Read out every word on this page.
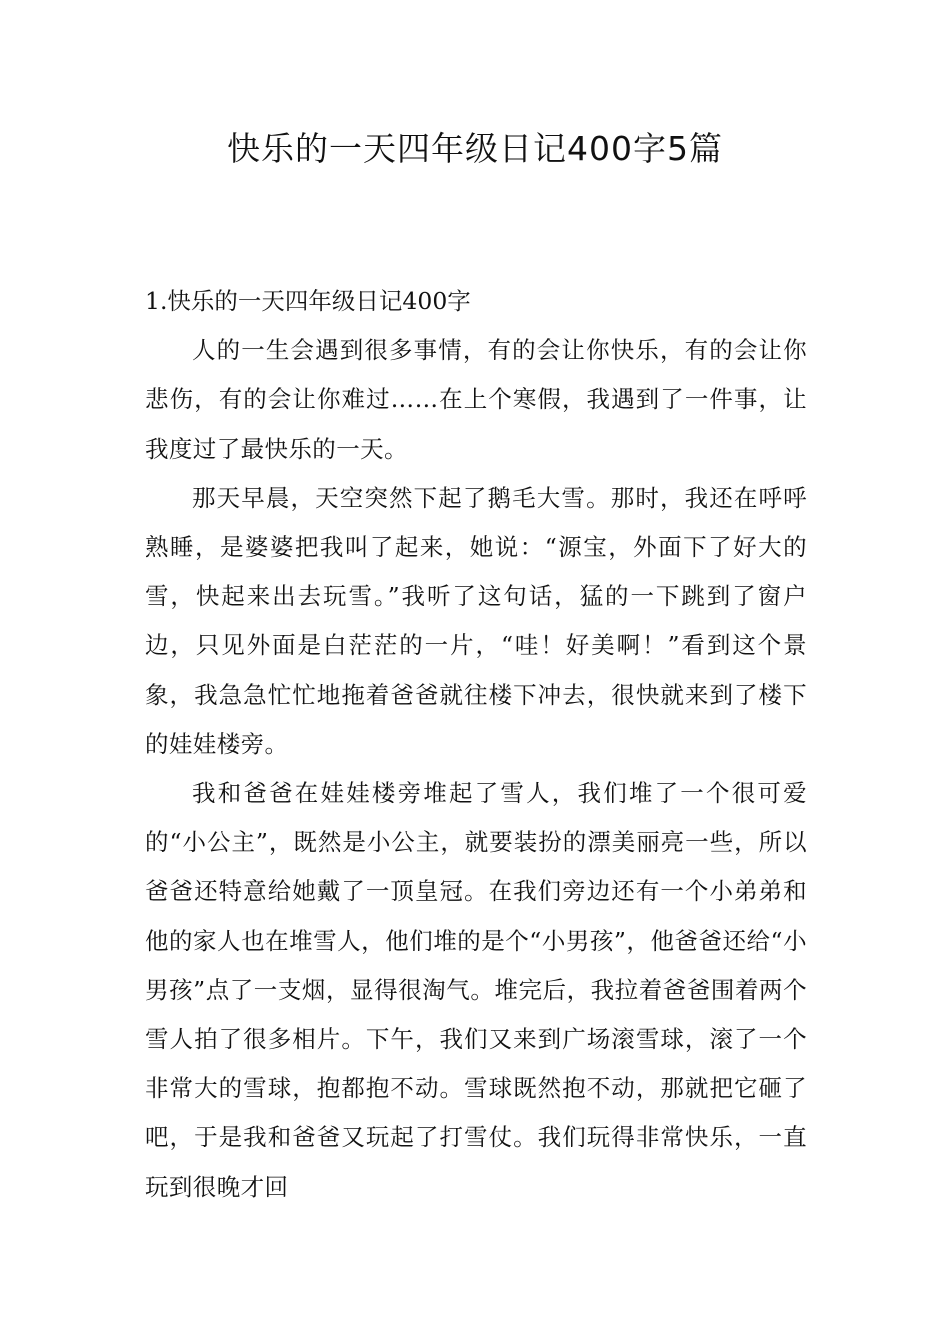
快乐的一天四年级日记400字5篇

1.快乐的一天四年级日记400字

人的一生会遇到很多事情，有的会让你快乐，有的会让你悲伤，有的会让你难过……在上个寒假，我遇到了一件事，让我度过了最快乐的一天。

那天早晨，天空突然下起了鹅毛大雪。那时，我还在呼呼熟睡，是婆婆把我叫了起来，她说：“源宝，外面下了好大的雪，快起来出去玩雪。”我听了这句话，猛的一下跳到了窗户边，只见外面是白茫茫的一片，“哇！好美啊！”看到这个景象，我急急忙忙地拖着爸爸就往楼下冲去，很快就来到了楼下的娃娃楼旁。

我和爸爸在娃娃楼旁堆起了雪人，我们堆了一个很可爱的“小公主”，既然是小公主，就要装扮的漂美丽亮一些，所以爸爸还特意给她戴了一顶皇冠。在我们旁边还有一个小弟弟和他的家人也在堆雪人，他们堆的是个“小男孩”，他爸爸还给“小男孩”点了一支烟，显得很淘气。堆完后，我拉着爸爸围着两个雪人拍了很多相片。下午，我们又来到广场滚雪球，滚了一个非常大的雪球，抱都抱不动。雪球既然抱不动，那就把它砸了吧，于是我和爸爸又玩起了打雪仗。我们玩得非常快乐，一直玩到很晚才回
